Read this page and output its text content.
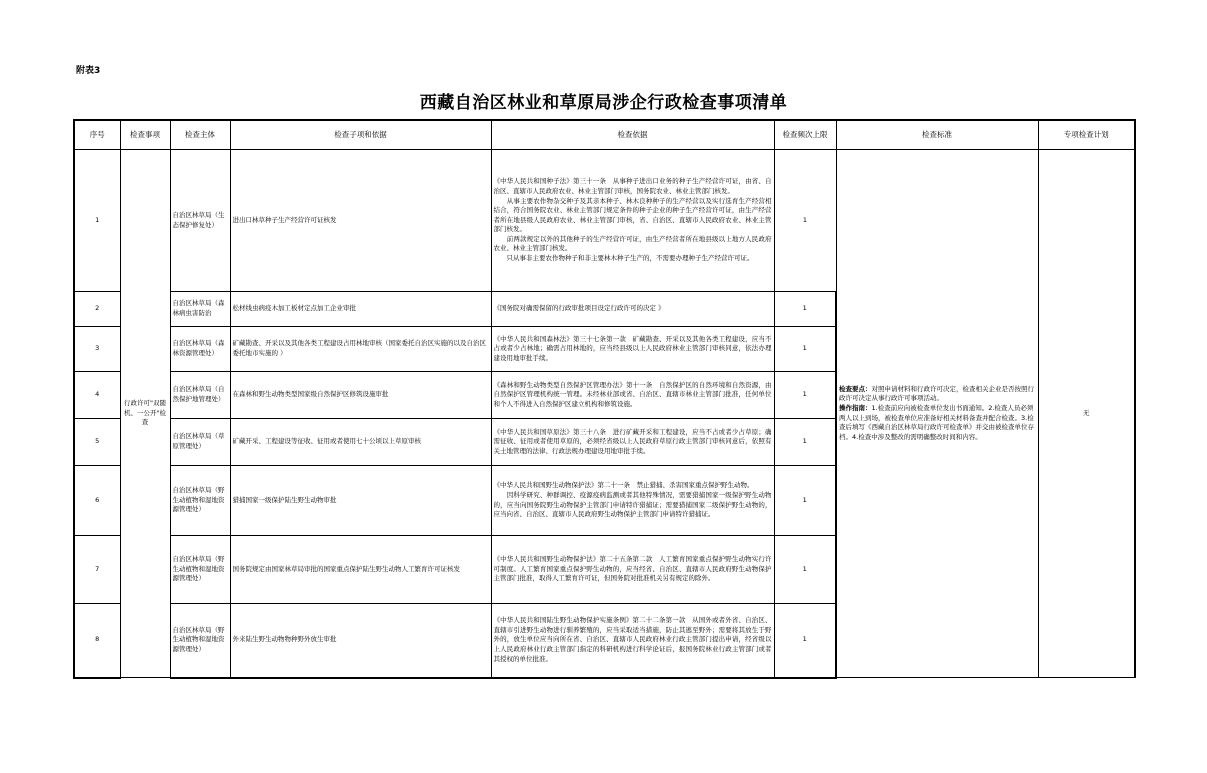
附表3
西藏自治区林业和草原局涉企行政检查事项清单
序号	检查事项	检查主体	检查子项和依据	检查依据	检查频次上限	检查标准	专项检查计划
1	行政许可"双随机、一公开"检查	自治区林草局（生态保护修复处）	进出口林草种子生产经营许可证核发	《中华人民共和国种子法》第三十一条　从事种子进出口业务的种子生产经营许可证，由省、自治区、直辖市人民政府农业、林业主管部门审核，国务院农业、林业主管部门核发。
　　从事主要农作物杂交种子及其亲本种子、林木良种种子的生产经营以及实行选育生产经营相结合，符合国务院农业、林业主管部门规定条件的种子企业的种子生产经营许可证，由生产经营者所在地县级人民政府农业、林业主管部门审核，省、自治区、直辖市人民政府农业、林业主管部门核发。
　　前两款规定以外的其他种子的生产经营许可证，由生产经营者所在地县级以上地方人民政府农业、林业主管部门核发。
　　只从事非主要农作物种子和非主要林木种子生产的，不需要办理种子生产经营许可证。	1	检查要点：对照申请材料和行政许可决定，检查相关企业是否按照行政许可决定从事行政许可事项活动。
操作指南：1.检查前应向被检查单位发出书面通知。2.检查人员必须两人以上到场，被检查单位应准备好相关材料备查并配合检查。3.检查后填写《西藏自治区林草局行政许可检查单》并交由被检查单位存档。4.检查中涉及整改的需明确整改时间和内容。	无
2		自治区林草局（森林病虫害防治	松材线虫病疫木加工板材定点加工企业审批	《国务院对确需保留的行政审批项目设定行政许可的决定 》	1		
3		自治区林草局（森林资源管理处）	矿藏勘查、开采以及其他各类工程建设占用林地审核（国家委托自治区实施的以及自治区委托地市实施的 ）	《中华人民共和国森林法》第三十七条第一款　矿藏勘查、开采以及其他各类工程建设，应当不占或者少占林地；确需占用林地的，应当经县级以上人民政府林业主管部门审核同意，依法办理建设用地审批手续。	1		
4		自治区林草局（自然保护地管理处）	在森林和野生动物类型国家级自然保护区修筑设施审批	《森林和野生动物类型自然保护区管理办法》第十一条　自然保护区的自然环境和自然资源，由自然保护区管理机构统一管理。未经林业部或省、自治区、直辖市林业主管部门批准，任何单位和个人不得进入自然保护区建立机构和修筑设施。	1		
5		自治区林草局（草原管理处）	矿藏开采、工程建设等征收、征用或者使用七十公顷以上草原审核	《中华人民共和国草原法》第三十八条　进行矿藏开采和工程建设，应当不占或者少占草原；确需征收、征用或者使用草原的，必须经省级以上人民政府草原行政主管部门审核同意后，依照有关土地管理的法律、行政法规办理建设用地审批手续。	1		
6		自治区林草局（野生动植物和湿地资源管理处）	猎捕国家一级保护陆生野生动物审批	《中华人民共和国野生动物保护法》第二十一条　禁止猎捕、杀害国家重点保护野生动物。
　　因科学研究、种群调控、疫源疫病监测或者其他特殊情况，需要猎捕国家一级保护野生动物的，应当向国务院野生动物保护主管部门申请特许猎捕证；需要猎捕国家二级保护野生动物的，应当向省、自治区、直辖市人民政府野生动物保护主管部门申请特许猎捕证。	1		
7		自治区林草局（野生动植物和湿地资源管理处）	国务院规定由国家林草局审批的国家重点保护陆生野生动物人工繁育许可证核发	《中华人民共和国野生动物保护法》第二十五条第二款　人工繁育国家重点保护野生动物实行许可制度。人工繁育国家重点保护野生动物的，应当经省、自治区、直辖市人民政府野生动物保护主管部门批准，取得人工繁育许可证，但国务院对批准机关另有规定的除外。	1		
8		自治区林草局（野生动植物和湿地资源管理处）	外来陆生野生动物物种野外放生审批	《中华人民共和国陆生野生动物保护实施条例》第二十二条第一款　从国外或者外省、自治区、直辖市引进野生动物进行驯养繁殖的，应当采取适当措施，防止其逃至野外；需要将其放生于野外的，放生单位应当向所在省、自治区、直辖市人民政府林业行政主管部门提出申请，经省级以上人民政府林业行政主管部门指定的科研机构进行科学论证后，报国务院林业行政主管部门或者其授权的单位批准。	1		
